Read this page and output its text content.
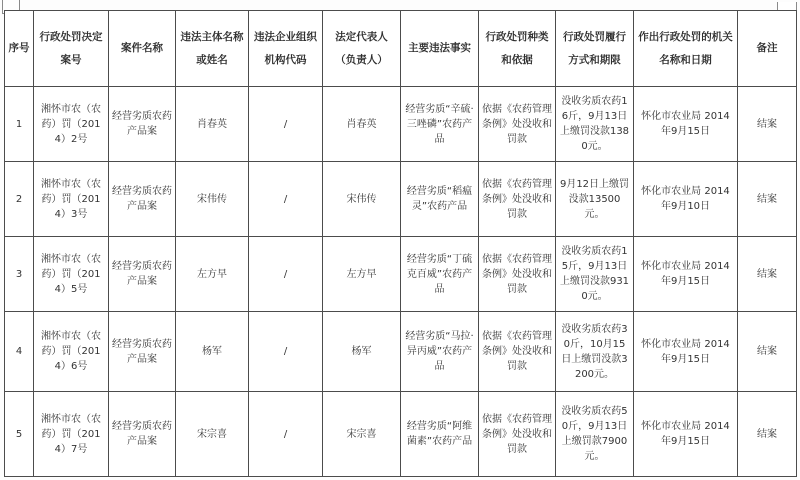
序号	行政处罚决定案号	案件名称	违法主体名称或姓名	违法企业组织机构代码	法定代表人（负责人）	主要违法事实	行政处罚种类和依据	行政处罚履行方式和期限	作出行政处罚的机关名称和日期	备注
1	湘怀市农（农药）罚（2014）2号	经营劣质农药产品案	肖春英	/	肖春英	经营劣质“辛硫·三唑磷”农药产品	依据《农药管理条例》处没收和罚款	没收劣质农药16斤，9月13日上缴罚没款1380元。	怀化市农业局 2014年9月15日	结案
2	湘怀市农（农药）罚（2014）3号	经营劣质农药产品案	宋伟传	/	宋伟传	经营劣质“稻瘟灵”农药产品	依据《农药管理条例》处没收和罚款	9月12日上缴罚没款13500元。	怀化市农业局 2014年9月10日	结案
3	湘怀市农（农药）罚（2014）5号	经营劣质农药产品案	左方早	/	左方早	经营劣质“丁硫克百威”农药产品	依据《农药管理条例》处没收和罚款	没收劣质农药15斤，9月13日上缴罚没款9310元。	怀化市农业局 2014年9月15日	结案
4	湘怀市农（农药）罚（2014）6号	经营劣质农药产品案	杨军	/	杨军	经营劣质“马拉·异丙威”农药产品	依据《农药管理条例》处没收和罚款	没收劣质农药30斤，10月15日上缴罚没款3200元。	怀化市农业局 2014年9月15日	结案
5	湘怀市农（农药）罚（2014）7号	经营劣质农药产品案	宋宗喜	/	宋宗喜	经营劣质“阿维菌素”农药产品	依据《农药管理条例》处没收和罚款	没收劣质农药50斤，9月13日上缴罚款7900元。	怀化市农业局 2014年9月15日	结案
